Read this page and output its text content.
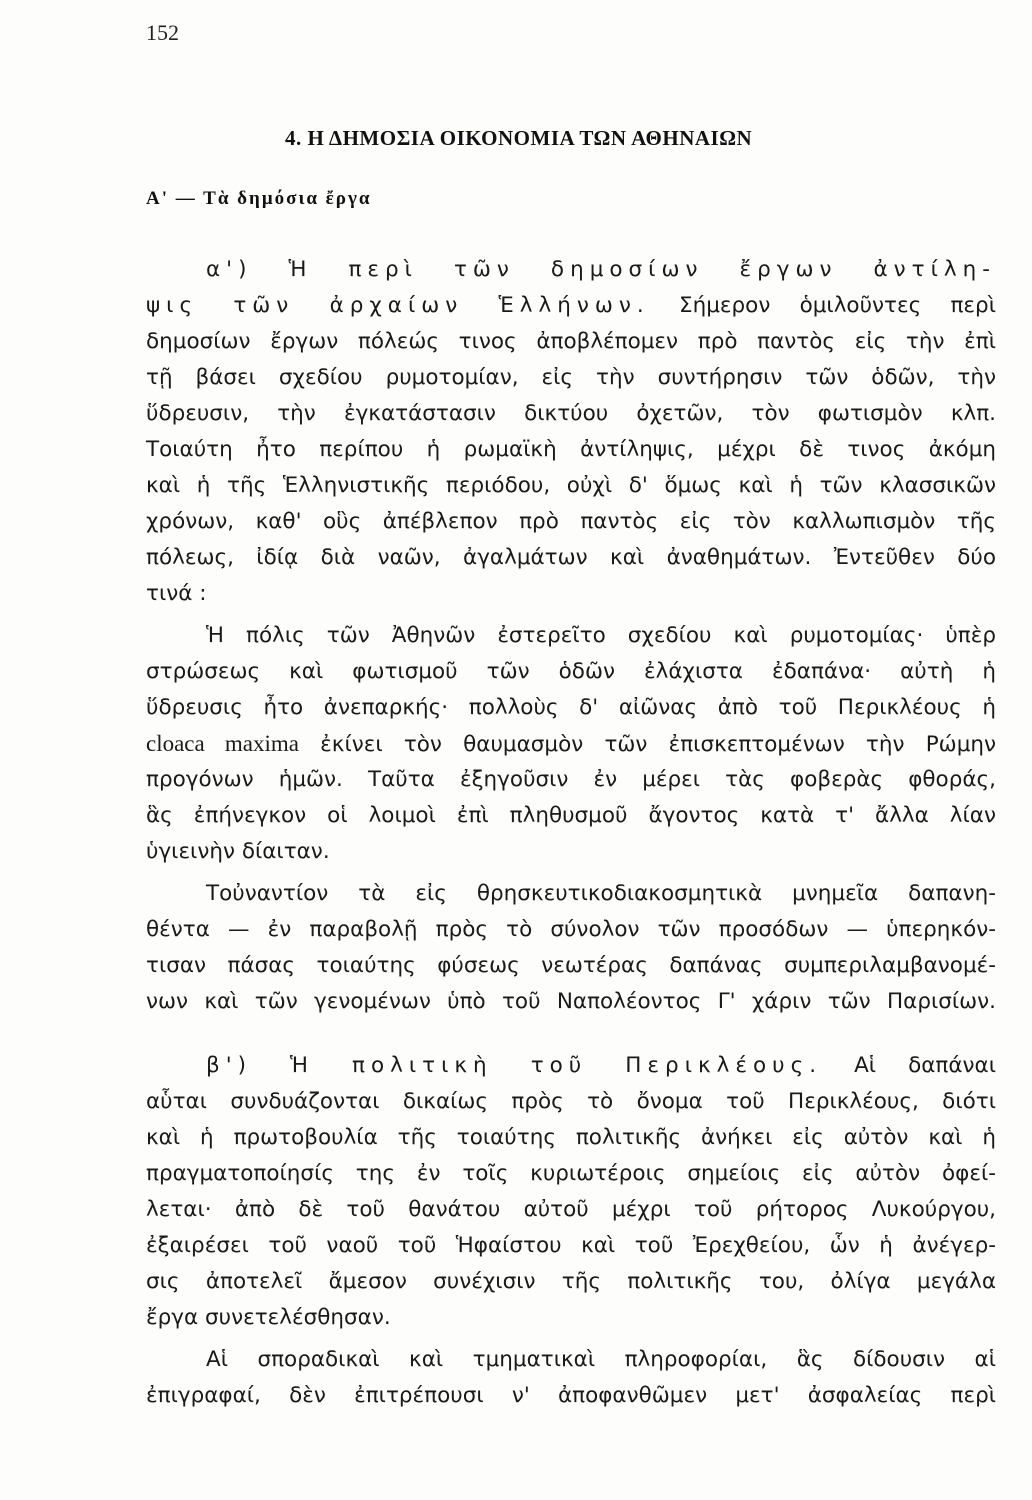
152
4. Η ΔΗΜΟΣΙΑ ΟΙΚΟΝΟΜΙΑ ΤΩΝ ΑΘΗΝΑΙΩΝ
Α' — Τὰ δημόσια ἔργα
α') Ἡ περὶ τῶν δημοσίων ἔργων ἀντίλη-
ψις τῶν ἀρχαίων Ἑλλήνων. Σήμερον ὁμιλοῦντες περὶ
δημοσίων ἔργων πόλεώς τινος ἀποβλέπομεν πρὸ παντὸς εἰς τὴν ἐπὶ
τῇ βάσει σχεδίου ρυμοτομίαν, εἰς τὴν συντήρησιν τῶν ὁδῶν, τὴν
ὕδρευσιν, τὴν ἐγκατάστασιν δικτύου ὀχετῶν, τὸν φωτισμὸν κλπ.
Τοιαύτη ἦτο περίπου ἡ ρωμαϊκὴ ἀντίληψις, μέχρι δὲ τινος ἀκόμη
καὶ ἡ τῆς Ἑλληνιστικῆς περιόδου, οὐχὶ δ' ὅμως καὶ ἡ τῶν κλασσικῶν
χρόνων, καθ' οὓς ἀπέβλεπον πρὸ παντὸς εἰς τὸν καλλωπισμὸν τῆς
πόλεως, ἰδίᾳ διὰ ναῶν, ἀγαλμάτων καὶ ἀναθημάτων. Ἐντεῦθεν δύο
τινά :
Ἡ πόλις τῶν Ἀθηνῶν ἐστερεῖτο σχεδίου καὶ ρυμοτομίας· ὑπὲρ
στρώσεως καὶ φωτισμοῦ τῶν ὁδῶν ἐλάχιστα ἐδαπάνα· αὐτὴ ἡ
ὕδρευσις ἦτο ἀνεπαρκής· πολλοὺς δ' αἰῶνας ἀπὸ τοῦ Περικλέους ἡ
cloaca maxima ἐκίνει τὸν θαυμασμὸν τῶν ἐπισκεπτομένων τὴν Ρώμην
προγόνων ἡμῶν. Ταῦτα ἐξηγοῦσιν ἐν μέρει τὰς φοβερὰς φθοράς,
ἃς ἐπήνεγκον οἱ λοιμοὶ ἐπὶ πληθυσμοῦ ἄγοντος κατὰ τ' ἄλλα λίαν
ὑγιεινὴν δίαιταν.
Τοὐναντίον τὰ εἰς θρησκευτικοδιακοσμητικὰ μνημεῖα δαπανη-
θέντα — ἐν παραβολῇ πρὸς τὸ σύνολον τῶν προσόδων — ὑπερηκόν-
τισαν πάσας τοιαύτης φύσεως νεωτέρας δαπάνας συμπεριλαμβανομέ-
νων καὶ τῶν γενομένων ὑπὸ τοῦ Ναπολέοντος Γ' χάριν τῶν Παρισίων.
β') Ἡ πολιτικὴ τοῦ Περικλέους. Αἱ δαπάναι
αὗται συνδυάζονται δικαίως πρὸς τὸ ὄνομα τοῦ Περικλέους, διότι
καὶ ἡ πρωτοβουλία τῆς τοιαύτης πολιτικῆς ἀνήκει εἰς αὐτὸν καὶ ἡ
πραγματοποίησίς της ἐν τοῖς κυριωτέροις σημείοις εἰς αὐτὸν ὀφεί-
λεται· ἀπὸ δὲ τοῦ θανάτου αὐτοῦ μέχρι τοῦ ρήτορος Λυκούργου,
ἐξαιρέσει τοῦ ναοῦ τοῦ Ἡφαίστου καὶ τοῦ Ἐρεχθείου, ὧν ἡ ἀνέγερ-
σις ἀποτελεῖ ἄμεσον συνέχισιν τῆς πολιτικῆς του, ὀλίγα μεγάλα
ἔργα συνετελέσθησαν.
Αἱ σποραδικαὶ καὶ τμηματικαὶ πληροφορίαι, ἃς δίδουσιν αἱ
ἐπιγραφαί, δὲν ἐπιτρέπουσι ν' ἀποφανθῶμεν μετ' ἀσφαλείας περὶ
